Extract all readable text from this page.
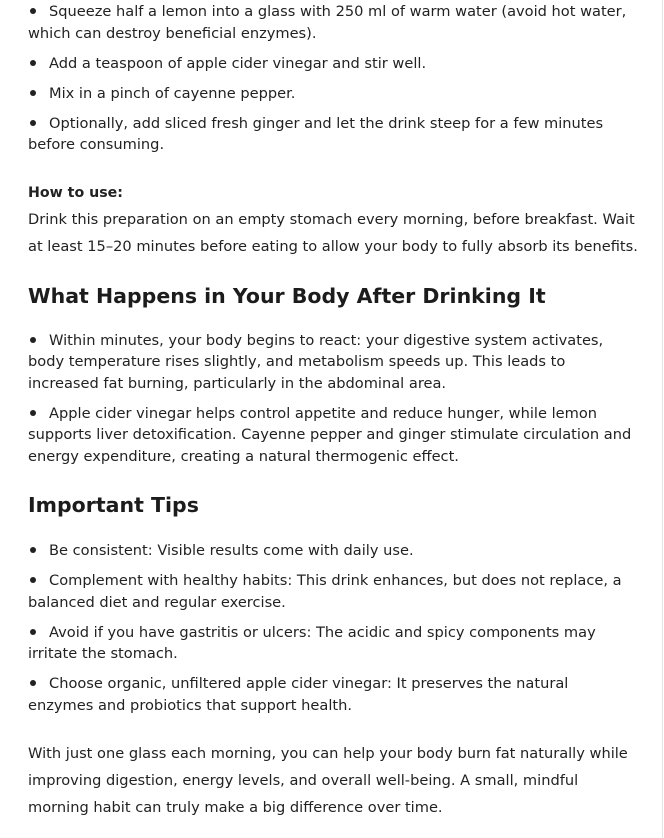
Squeeze half a lemon into a glass with 250 ml of warm water (avoid hot water, which can destroy beneficial enzymes).
Add a teaspoon of apple cider vinegar and stir well.
Mix in a pinch of cayenne pepper.
Optionally, add sliced fresh ginger and let the drink steep for a few minutes before consuming.

How to use:

Drink this preparation on an empty stomach every morning, before breakfast. Wait at least 15–20 minutes before eating to allow your body to fully absorb its benefits.

What Happens in Your Body After Drinking It
Within minutes, your body begins to react: your digestive system activates, body temperature rises slightly, and metabolism speeds up. This leads to increased fat burning, particularly in the abdominal area.
Apple cider vinegar helps control appetite and reduce hunger, while lemon supports liver detoxification. Cayenne pepper and ginger stimulate circulation and energy expenditure, creating a natural thermogenic effect.
Important Tips
Be consistent: Visible results come with daily use.
Complement with healthy habits: This drink enhances, but does not replace, a balanced diet and regular exercise.
Avoid if you have gastritis or ulcers: The acidic and spicy components may irritate the stomach.
Choose organic, unfiltered apple cider vinegar: It preserves the natural enzymes and probiotics that support health.

With just one glass each morning, you can help your body burn fat naturally while improving digestion, energy levels, and overall well-being. A small, mindful morning habit can truly make a big difference over time.
